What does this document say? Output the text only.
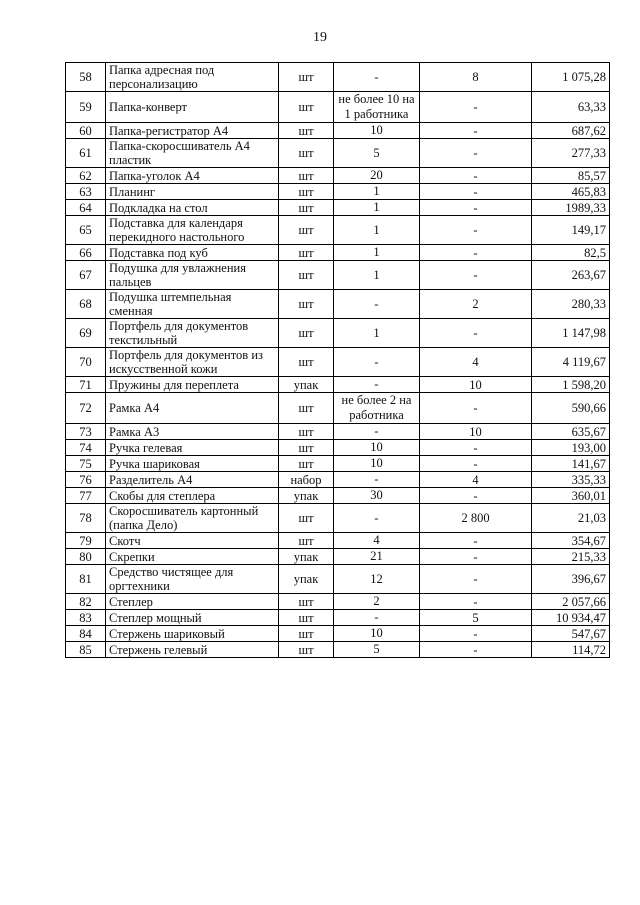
19
58	Папка адресная под персонализацию	шт	-	8	1 075,28
59	Папка-конверт	шт	не более 10 на 1 работника	-	63,33
60	Папка-регистратор А4	шт	10	-	687,62
61	Папка-скоросшиватель А4 пластик	шт	5	-	277,33
62	Папка-уголок А4	шт	20	-	85,57
63	Планинг	шт	1	-	465,83
64	Подкладка на стол	шт	1	-	1989,33
65	Подставка для календаря перекидного настольного	шт	1	-	149,17
66	Подставка под куб	шт	1	-	82,5
67	Подушка для увлажнения пальцев	шт	1	-	263,67
68	Подушка штемпельная сменная	шт	-	2	280,33
69	Портфель для документов текстильный	шт	1	-	1 147,98
70	Портфель для документов из искусственной кожи	шт	-	4	4 119,67
71	Пружины для переплета	упак	-	10	1 598,20
72	Рамка А4	шт	не более 2 на работника	-	590,66
73	Рамка А3	шт	-	10	635,67
74	Ручка гелевая	шт	10	-	193,00
75	Ручка шариковая	шт	10	-	141,67
76	Разделитель А4	набор	-	4	335,33
77	Скобы для степлера	упак	30	-	360,01
78	Скоросшиватель картонный (папка Дело)	шт	-	2 800	21,03
79	Скотч	шт	4	-	354,67
80	Скрепки	упак	21	-	215,33
81	Средство чистящее для оргтехники	упак	12	-	396,67
82	Степлер	шт	2	-	2 057,66
83	Степлер мощный	шт	-	5	10 934,47
84	Стержень шариковый	шт	10	-	547,67
85	Стержень гелевый	шт	5	-	114,72
